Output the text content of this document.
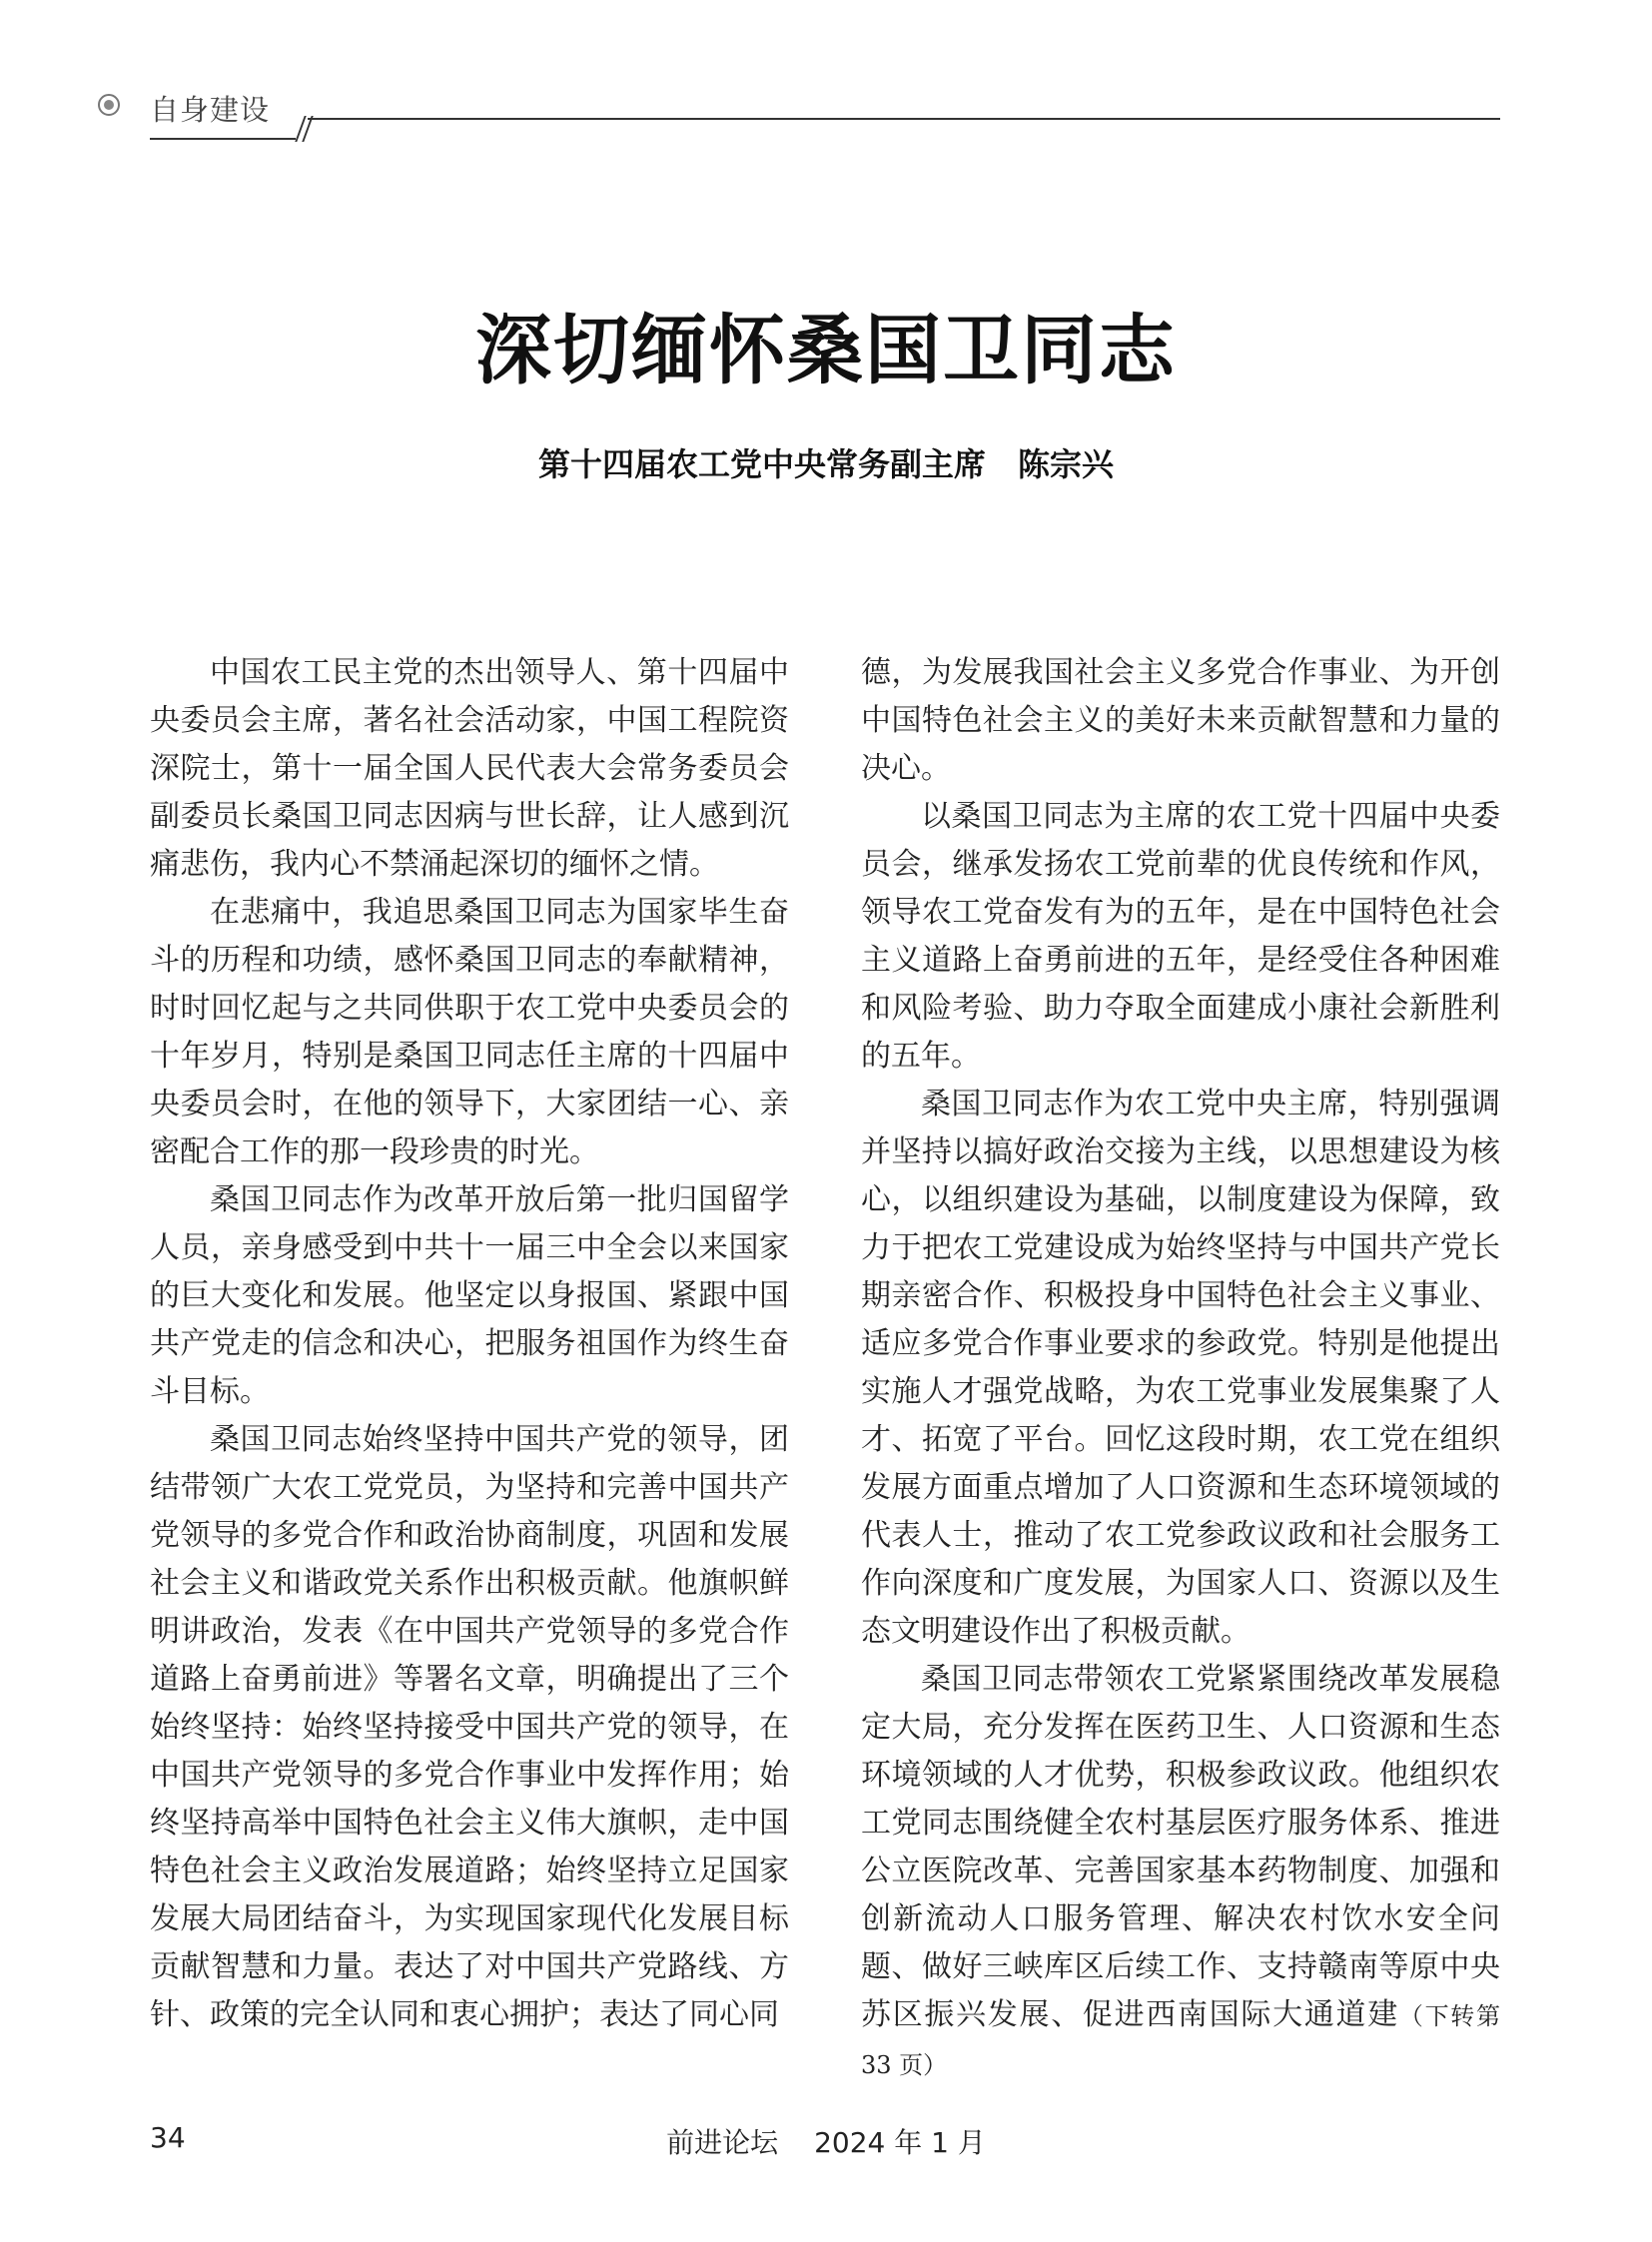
自身建设
深切缅怀桑国卫同志
第十四届农工党中央常务副主席　陈宗兴

中国农工民主党的杰出领导人、第十四届中央委员会主席，著名社会活动家，中国工程院资深院士，第十一届全国人民代表大会常务委员会副委员长桑国卫同志因病与世长辞，让人感到沉痛悲伤，我内心不禁涌起深切的缅怀之情。

在悲痛中，我追思桑国卫同志为国家毕生奋斗的历程和功绩，感怀桑国卫同志的奉献精神，时时回忆起与之共同供职于农工党中央委员会的十年岁月，特别是桑国卫同志任主席的十四届中央委员会时，在他的领导下，大家团结一心、亲密配合工作的那一段珍贵的时光。

桑国卫同志作为改革开放后第一批归国留学人员，亲身感受到中共十一届三中全会以来国家的巨大变化和发展。他坚定以身报国、紧跟中国共产党走的信念和决心，把服务祖国作为终生奋斗目标。

桑国卫同志始终坚持中国共产党的领导，团结带领广大农工党党员，为坚持和完善中国共产党领导的多党合作和政治协商制度，巩固和发展社会主义和谐政党关系作出积极贡献。他旗帜鲜明讲政治，发表《在中国共产党领导的多党合作道路上奋勇前进》等署名文章，明确提出了三个始终坚持：始终坚持接受中国共产党的领导，在中国共产党领导的多党合作事业中发挥作用；始终坚持高举中国特色社会主义伟大旗帜，走中国特色社会主义政治发展道路；始终坚持立足国家发展大局团结奋斗，为实现国家现代化发展目标贡献智慧和力量。表达了对中国共产党路线、方针、政策的完全认同和衷心拥护；表达了同心同

德，为发展我国社会主义多党合作事业、为开创中国特色社会主义的美好未来贡献智慧和力量的决心。

以桑国卫同志为主席的农工党十四届中央委员会，继承发扬农工党前辈的优良传统和作风，领导农工党奋发有为的五年，是在中国特色社会主义道路上奋勇前进的五年，是经受住各种困难和风险考验、助力夺取全面建成小康社会新胜利的五年。

桑国卫同志作为农工党中央主席，特别强调并坚持以搞好政治交接为主线，以思想建设为核心，以组织建设为基础，以制度建设为保障，致力于把农工党建设成为始终坚持与中国共产党长期亲密合作、积极投身中国特色社会主义事业、适应多党合作事业要求的参政党。特别是他提出实施人才强党战略，为农工党事业发展集聚了人才、拓宽了平台。回忆这段时期，农工党在组织发展方面重点增加了人口资源和生态环境领域的代表人士，推动了农工党参政议政和社会服务工作向深度和广度发展，为国家人口、资源以及生态文明建设作出了积极贡献。

桑国卫同志带领农工党紧紧围绕改革发展稳定大局，充分发挥在医药卫生、人口资源和生态环境领域的人才优势，积极参政议政。他组织农工党同志围绕健全农村基层医疗服务体系、推进公立医院改革、完善国家基本药物制度、加强和创新流动人口服务管理、解决农村饮水安全问题、做好三峡库区后续工作、支持赣南等原中央苏区振兴发展、促进西南国际大通道建（下转第 33 页）

34	前进论坛 2024 年 1 月
